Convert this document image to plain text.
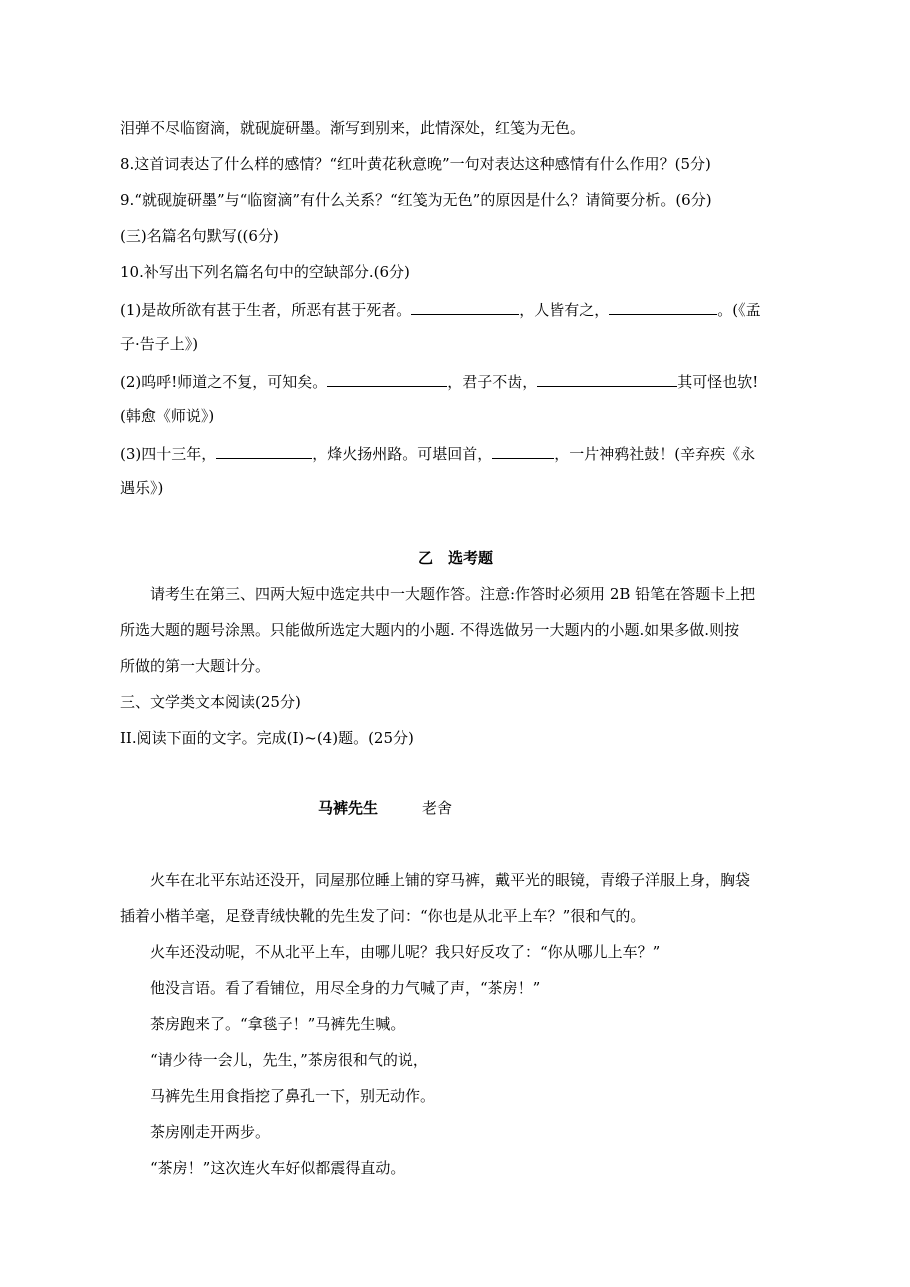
泪弹不尽临窗滴，就砚旋研墨。渐写到别来，此情深处，红笺为无色。
8.这首词表达了什么样的感情？“红叶黄花秋意晚”一句对表达这种感情有什么作用？(5分)
9.“就砚旋研墨”与“临窗滴”有什么关系？“红笺为无色”的原因是什么？请简要分析。(6分)
(三)名篇名句默写((6分)
10.补写出下列名篇名句中的空缺部分.(6分)
(1)是故所欲有甚于生者，所恶有甚于死者。	，人皆有之，	。(《孟
子·告子上》)
(2)呜呼!师道之不复，可知矣。	，君子不齿，	其可怪也欤!
(韩愈《师说》)
(3)四十三年，	，烽火扬州路。可堪回首，	，一片神鸦社鼓！(辛弃疾《永
遇乐》)
乙　选考题
请考生在第三、四两大短中选定共中一大题作答。注意:作答时必须用 2B 铅笔在答题卡上把
所选大题的题号涂黑。只能做所选定大题内的小题. 不得选做另一大题内的小题.如果多做.则按
所做的第一大题计分。
三、文学类文本阅读(25分)
II.阅读下面的文字。完成(I)~(4)题。(25分)
马裤先生	老舍
火车在北平东站还没开，同屋那位睡上铺的穿马裤，戴平光的眼镜，青缎子洋服上身，胸袋
插着小楷羊毫，足登青绒快靴的先生发了问：“你也是从北平上车？”很和气的。
火车还没动呢，不从北平上车，由哪儿呢？我只好反攻了：“你从哪儿上车？”
他没言语。看了看铺位，用尽全身的力气喊了声，“茶房！”
茶房跑来了。“拿毯子！”马裤先生喊。
“请少待一会儿，先生，”茶房很和气的说，
马裤先生用食指挖了鼻孔一下，别无动作。
茶房刚走开两步。
“茶房！”这次连火车好似都震得直动。
